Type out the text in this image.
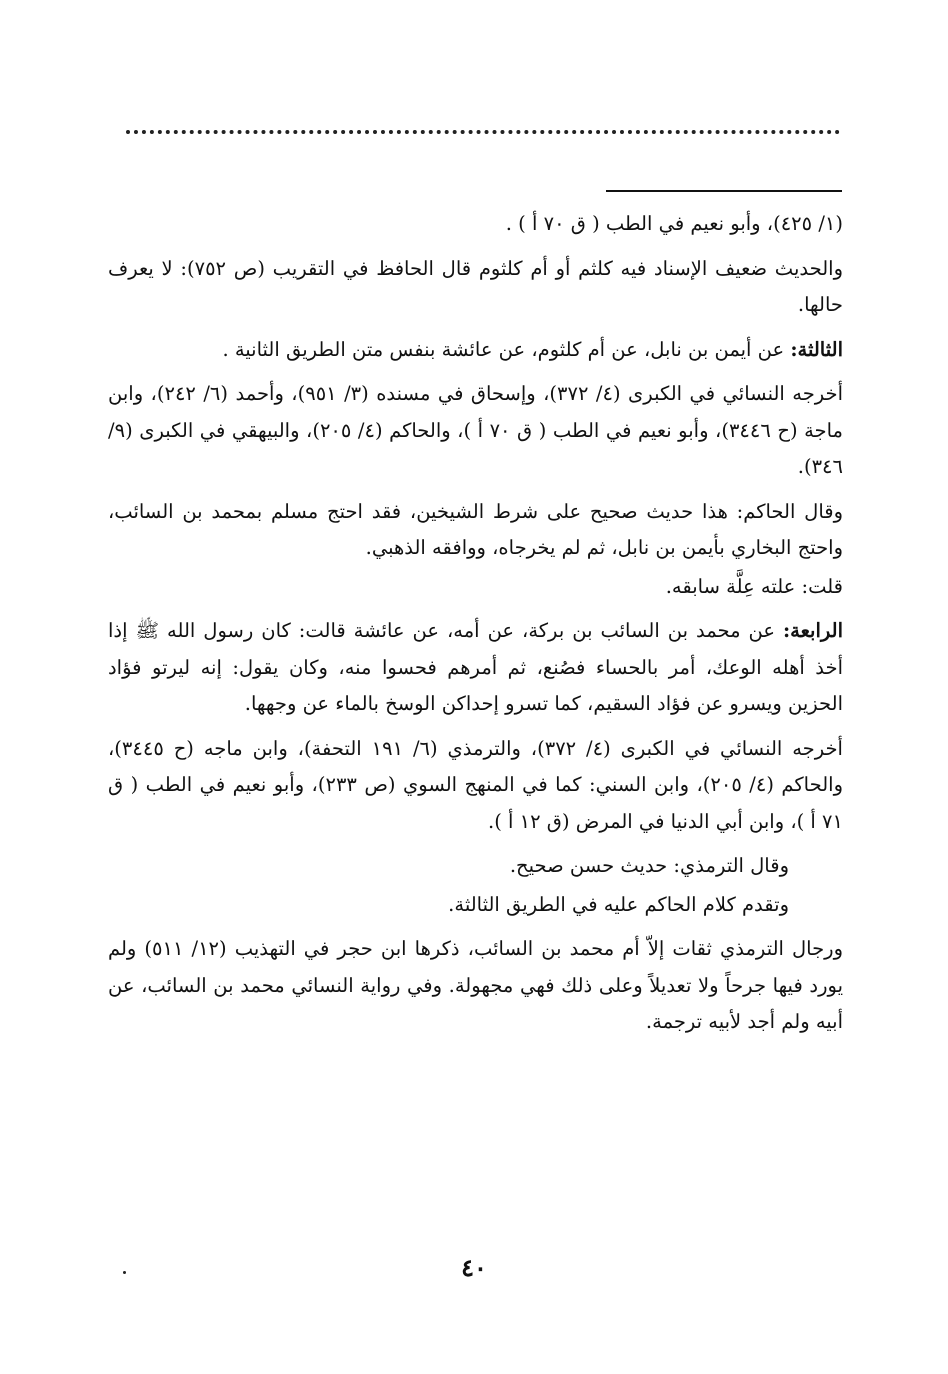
(١/ ٤٢٥)، وأبو نعيم في الطب ( ق ٧٠ أ ) .

والحديث ضعيف الإسناد فيه كلثم أو أم كلثوم قال الحافظ في التقريب (ص ٧٥٢): لا يعرف حالها.

الثالثة: عن أيمن بن نابل، عن أم كلثوم، عن عائشة بنفس متن الطريق الثانية .

أخرجه النسائي في الكبرى (٤/ ٣٧٢)، وإسحاق في مسنده (٣/ ٩٥١)، وأحمد (٦/ ٢٤٢)، وابن ماجة (ح ٣٤٤٦)، وأبو نعيم في الطب ( ق ٧٠ أ )، والحاكم (٤/ ٢٠٥)، والبيهقي في الكبرى (٩/ ٣٤٦).

وقال الحاكم: هذا حديث صحيح على شرط الشيخين، فقد احتج مسلم بمحمد بن السائب، واحتج البخاري بأيمن بن نابل، ثم لم يخرجاه، ووافقه الذهبي.

قلت: علته عِلَّة سابقه.

الرابعة: عن محمد بن السائب بن بركة، عن أمه، عن عائشة قالت: كان رسول الله ﷺ إذا أخذ أهله الوعك، أمر بالحساء فصُنع، ثم أمرهم فحسوا منه، وكان يقول: إنه ليرتو فؤاد الحزين ويسرو عن فؤاد السقيم، كما تسرو إحداكن الوسخ بالماء عن وجهها.

أخرجه النسائي في الكبرى (٤/ ٣٧٢)، والترمذي (٦/ ١٩١ التحفة)، وابن ماجه (ح ٣٤٤٥)، والحاكم (٤/ ٢٠٥)، وابن السني: كما في المنهج السوي (ص ٢٣٣)، وأبو نعيم في الطب ( ق ٧١ أ )، وابن أبي الدنيا في المرض (ق ١٢ أ ).

وقال الترمذي: حديث حسن صحيح.

وتقدم كلام الحاكم عليه في الطريق الثالثة.

ورجال الترمذي ثقات إلاّ أم محمد بن السائب، ذكرها ابن حجر في التهذيب (١٢/ ٥١١) ولم يورد فيها جرحاً ولا تعديلاً وعلى ذلك فهي مجهولة. وفي رواية النسائي محمد بن السائب، عن أبيه ولم أجد لأبيه ترجمة.

٤٠
